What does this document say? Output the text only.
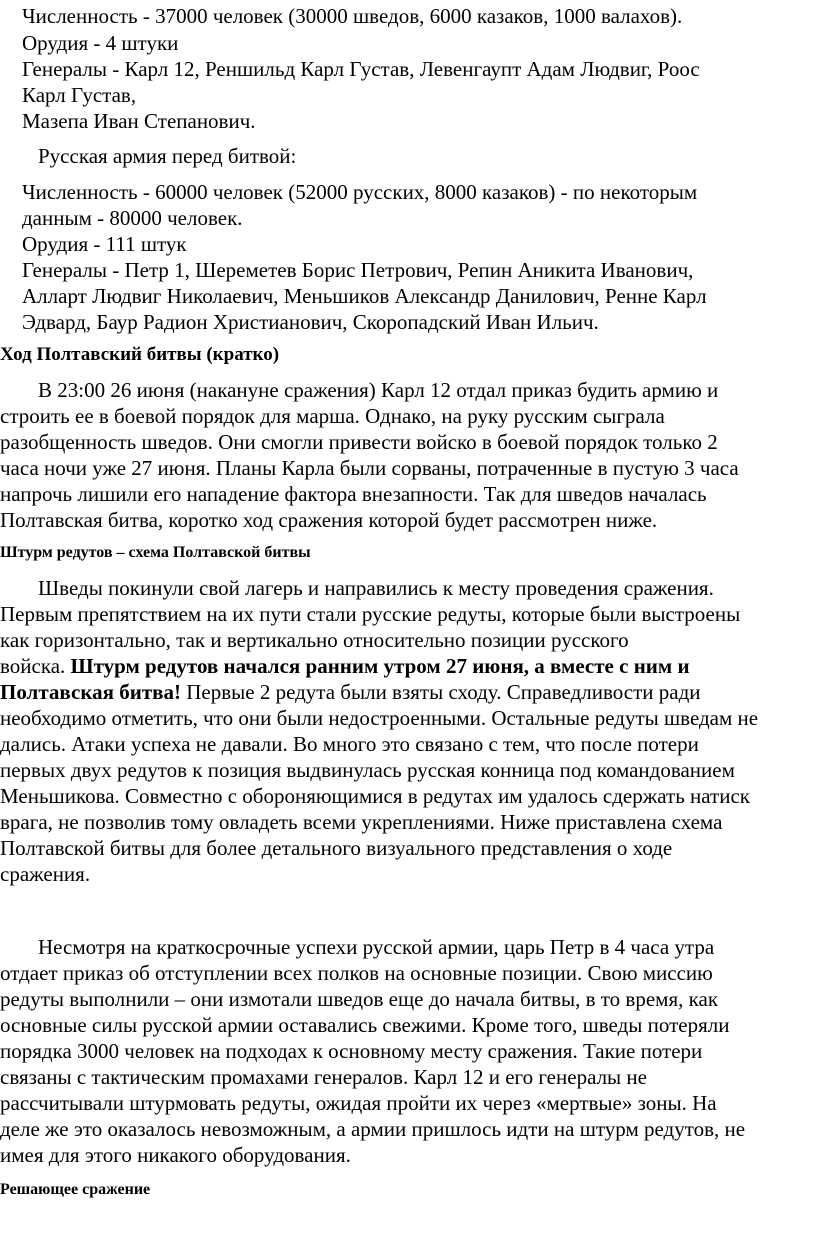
Численность - 37000 человек (30000 шведов, 6000 казаков, 1000 валахов).
Орудия - 4 штуки
Генералы - Карл 12, Реншильд Карл Густав, Левенгаупт Адам Людвиг, Роос
Карл Густав,
Мазепа Иван Степанович.
Русская армия перед битвой:
Численность - 60000 человек (52000 русских, 8000 казаков) - по некоторым
данным - 80000 человек.
Орудия - 111 штук
Генералы - Петр 1, Шереметев Борис Петрович, Репин Аникита Иванович,
Алларт Людвиг Николаевич, Меньшиков Александр Данилович, Ренне Карл
Эдвард, Баур Радион Христианович, Скоропадский Иван Ильич.
Ход Полтавский битвы (кратко)
В 23:00 26 июня (накануне сражения) Карл 12 отдал приказ будить армию и
строить ее в боевой порядок для марша. Однако, на руку русским сыграла
разобщенность шведов. Они смогли привести войско в боевой порядок только 2
часа ночи уже 27 июня. Планы Карла были сорваны, потраченные в пустую 3 часа
напрочь лишили его нападение фактора внезапности. Так для шведов началась
Полтавская битва, коротко ход сражения которой будет рассмотрен ниже.
Штурм редутов – схема Полтавской битвы
Шведы покинули свой лагерь и направились к месту проведения сражения.
Первым препятствием на их пути стали русские редуты, которые были выстроены
как горизонтально, так и вертикально относительно позиции русского
войска. Штурм редутов начался ранним утром 27 июня, а вместе с ним и
Полтавская битва! Первые 2 редута были взяты сходу. Справедливости ради
необходимо отметить, что они были недостроенными. Остальные редуты шведам не
дались. Атаки успеха не давали. Во много это связано с тем, что после потери
первых двух редутов к позиция выдвинулась русская конница под командованием
Меньшикова. Совместно с обороняющимися в редутах им удалось сдержать натиск
врага, не позволив тому овладеть всеми укреплениями. Ниже приставлена схема
Полтавской битвы для более детального визуального представления о ходе
сражения.
Несмотря на краткосрочные успехи русской армии, царь Петр в 4 часа утра
отдает приказ об отступлении всех полков на основные позиции. Свою миссию
редуты выполнили – они измотали шведов еще до начала битвы, в то время, как
основные силы русской армии оставались свежими. Кроме того, шведы потеряли
порядка 3000 человек на подходах к основному месту сражения. Такие потери
связаны с тактическим промахами генералов. Карл 12 и его генералы не
рассчитывали штурмовать редуты, ожидая пройти их через «мертвые» зоны. На
деле же это оказалось невозможным, а армии пришлось идти на штурм редутов, не
имея для этого никакого оборудования.
Решающее сражение
